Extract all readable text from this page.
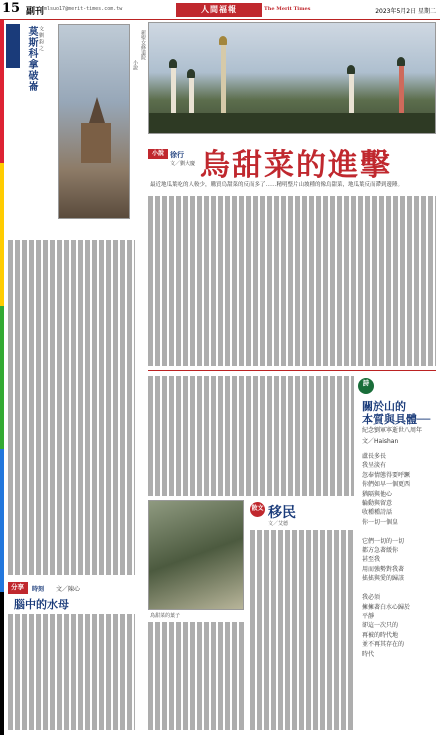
15 副刊 mlsuo17@merit-times.com.tw	人間福報	The Merit Times	2023年5月2日 星期二
莫斯科拿破崙 文 劉 鈞 之
小說
新聖女修道院
小說 徐行
文／劉大慶 烏甜菜的進擊
最近地瓜葉吃的人較少，購買烏甜菜的反而多了……精明整片山坡種的像烏甜菜，地瓜葉反而滯到邊陲。
詩
關於山的
本質與具體──
紀念劉軍寧逝世八周年
文／Haishan
盧長多長
我呈淡有
忽奉情態得要呼蹶
你們如早一個更西
猶隔與他心
輪動與留意
收種種詩話
你一切一個皇

它們一切的一切
都方急著緩你
甚至我
用而強勢對我著
搖搖與愛的歸該

我必須
擁擁著白水心歸於
平靜
卻這一次只的
再被的時代地
並不再其存在的
時代
鳥甜菜的葉子
散文 移民
文／艾德
分享	時刻 文／陳心
腦中的水母
